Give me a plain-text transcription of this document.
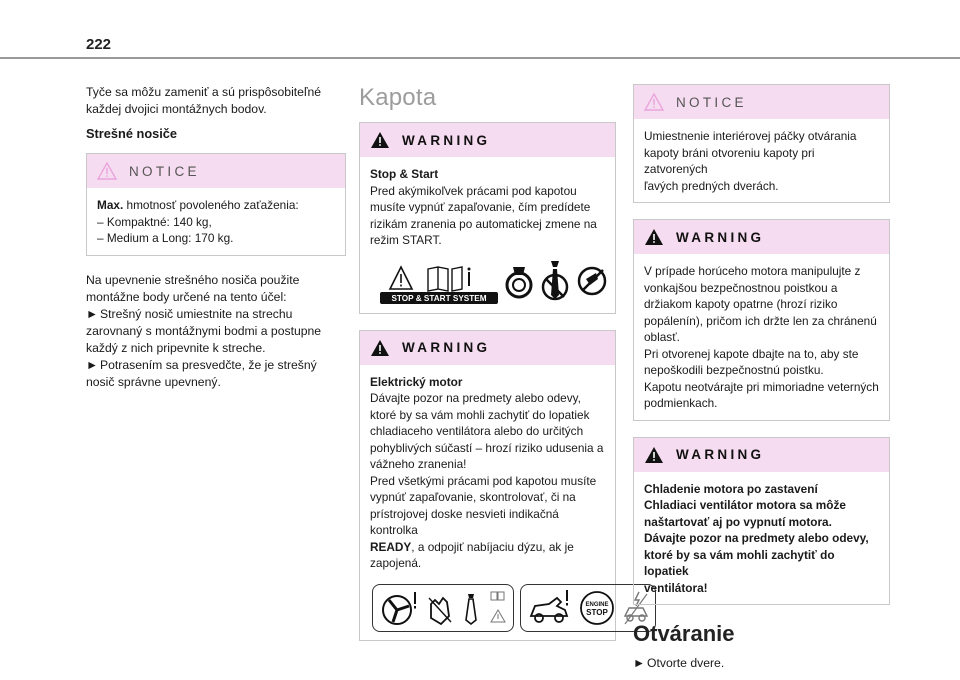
222

Tyče sa môžu zameniť a sú prispôsobiteľné
každej dvojici montážnych bodov.

Strešné nosiče
NOTICE
Max. hmotnosť povoleného zaťaženia:
– Kompaktné: 140 kg,
– Medium a Long: 170 kg.

Na upevnenie strešného nosiča použite
montážne body určené na tento účel:
► Strešný nosič umiestnite na strechu
zarovnaný s montážnymi bodmi a postupne
každý z nich pripevnite k streche.
► Potrasením sa presvedčte, že je strešný
nosič správne upevnený.

Kapota
WARNING
Stop & Start
Pred akýmikoľvek prácami pod kapotou
musíte vypnúť zapaľovanie, čím predídete
rizikám zranenia po automatickej zmene na
režim START.
STOP & START SYSTEM
WARNING
Elektrický motor
Dávajte pozor na predmety alebo odevy,
ktoré by sa vám mohli zachytiť do lopatiek
chladiaceho ventilátora alebo do určitých
pohyblivých súčastí – hrozí riziko udusenia a
vážneho zranenia!
Pred všetkými prácami pod kapotou musíte
vypnúť zapaľovanie, skontrolovať, či na
prístrojovej doske nesvieti indikačná kontrolka
READY, a odpojiť nabíjaciu dýzu, ak je
zapojená.
ENGINE
STOP
NOTICE
Umiestnenie interiérovej páčky otvárania
kapoty bráni otvoreniu kapoty pri zatvorených
ľavých predných dverách.
WARNING
V prípade horúceho motora manipulujte z
vonkajšou bezpečnostnou poistkou a
držiakom kapoty opatrne (hrozí riziko
popálenín), pričom ich držte len za chránenú
oblasť.
Pri otvorenej kapote dbajte na to, aby ste
nepoškodili bezpečnostnú poistku.
Kapotu neotvárajte pri mimoriadne veterných
podmienkach.
WARNING
Chladenie motora po zastavení
Chladiaci ventilátor motora sa môže
naštartovať aj po vypnutí motora.
Dávajte pozor na predmety alebo odevy,
ktoré by sa vám mohli zachytiť do lopatiek
ventilátora!
Otváranie

► Otvorte dvere.
